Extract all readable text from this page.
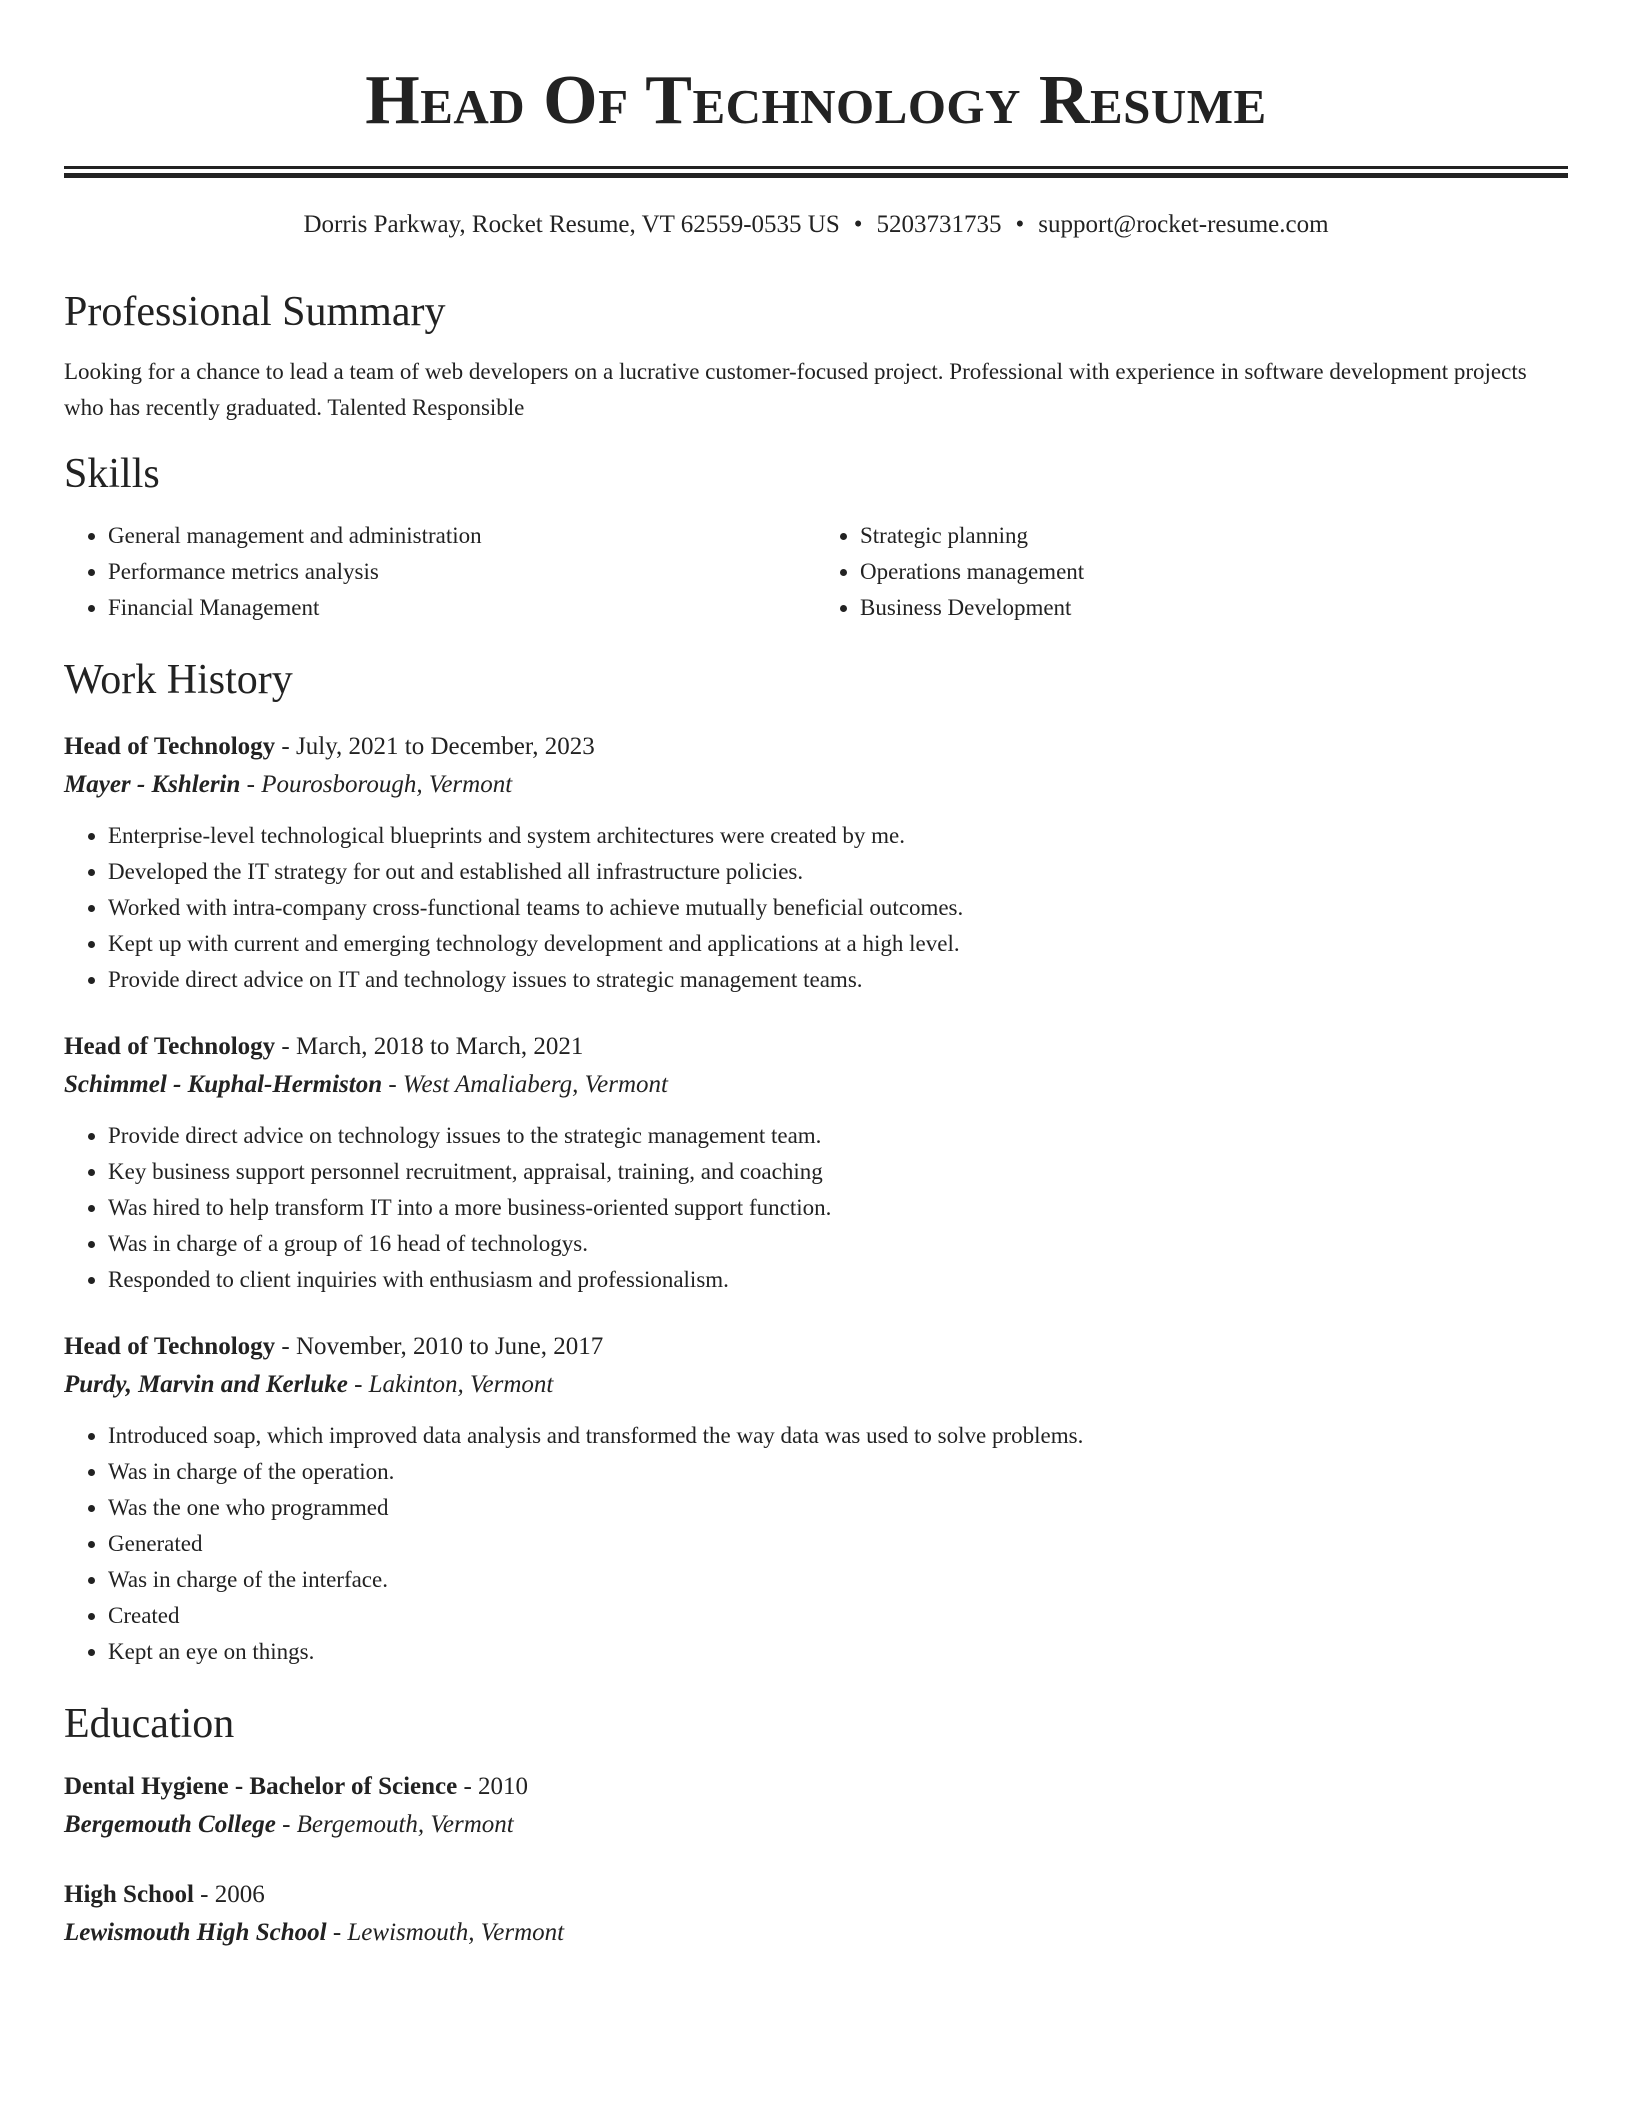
Head Of Technology Resume
Dorris Parkway, Rocket Resume, VT 62559-0535 US • 5203731735 • support@rocket-resume.com
Professional Summary

Looking for a chance to lead a team of web developers on a lucrative customer-focused project. Professional with experience in software development projects who has recently graduated. Talented Responsible

Skills
• General management and administration
• Performance metrics analysis
• Financial Management
• Strategic planning
• Operations management
• Business Development
Work History
Head of Technology - July, 2021 to December, 2023
Mayer - Kshlerin - Pourosborough, Vermont
• Enterprise-level technological blueprints and system architectures were created by me.
• Developed the IT strategy for out and established all infrastructure policies.
• Worked with intra-company cross-functional teams to achieve mutually beneficial outcomes.
• Kept up with current and emerging technology development and applications at a high level.
• Provide direct advice on IT and technology issues to strategic management teams.
Head of Technology - March, 2018 to March, 2021
Schimmel - Kuphal-Hermiston - West Amaliaberg, Vermont
• Provide direct advice on technology issues to the strategic management team.
• Key business support personnel recruitment, appraisal, training, and coaching
• Was hired to help transform IT into a more business-oriented support function.
• Was in charge of a group of 16 head of technologys.
• Responded to client inquiries with enthusiasm and professionalism.
Head of Technology - November, 2010 to June, 2017
Purdy, Marvin and Kerluke - Lakinton, Vermont
• Introduced soap, which improved data analysis and transformed the way data was used to solve problems.
• Was in charge of the operation.
• Was the one who programmed
• Generated
• Was in charge of the interface.
• Created
• Kept an eye on things.
Education
Dental Hygiene - Bachelor of Science - 2010
Bergemouth College - Bergemouth, Vermont
High School - 2006
Lewismouth High School - Lewismouth, Vermont
